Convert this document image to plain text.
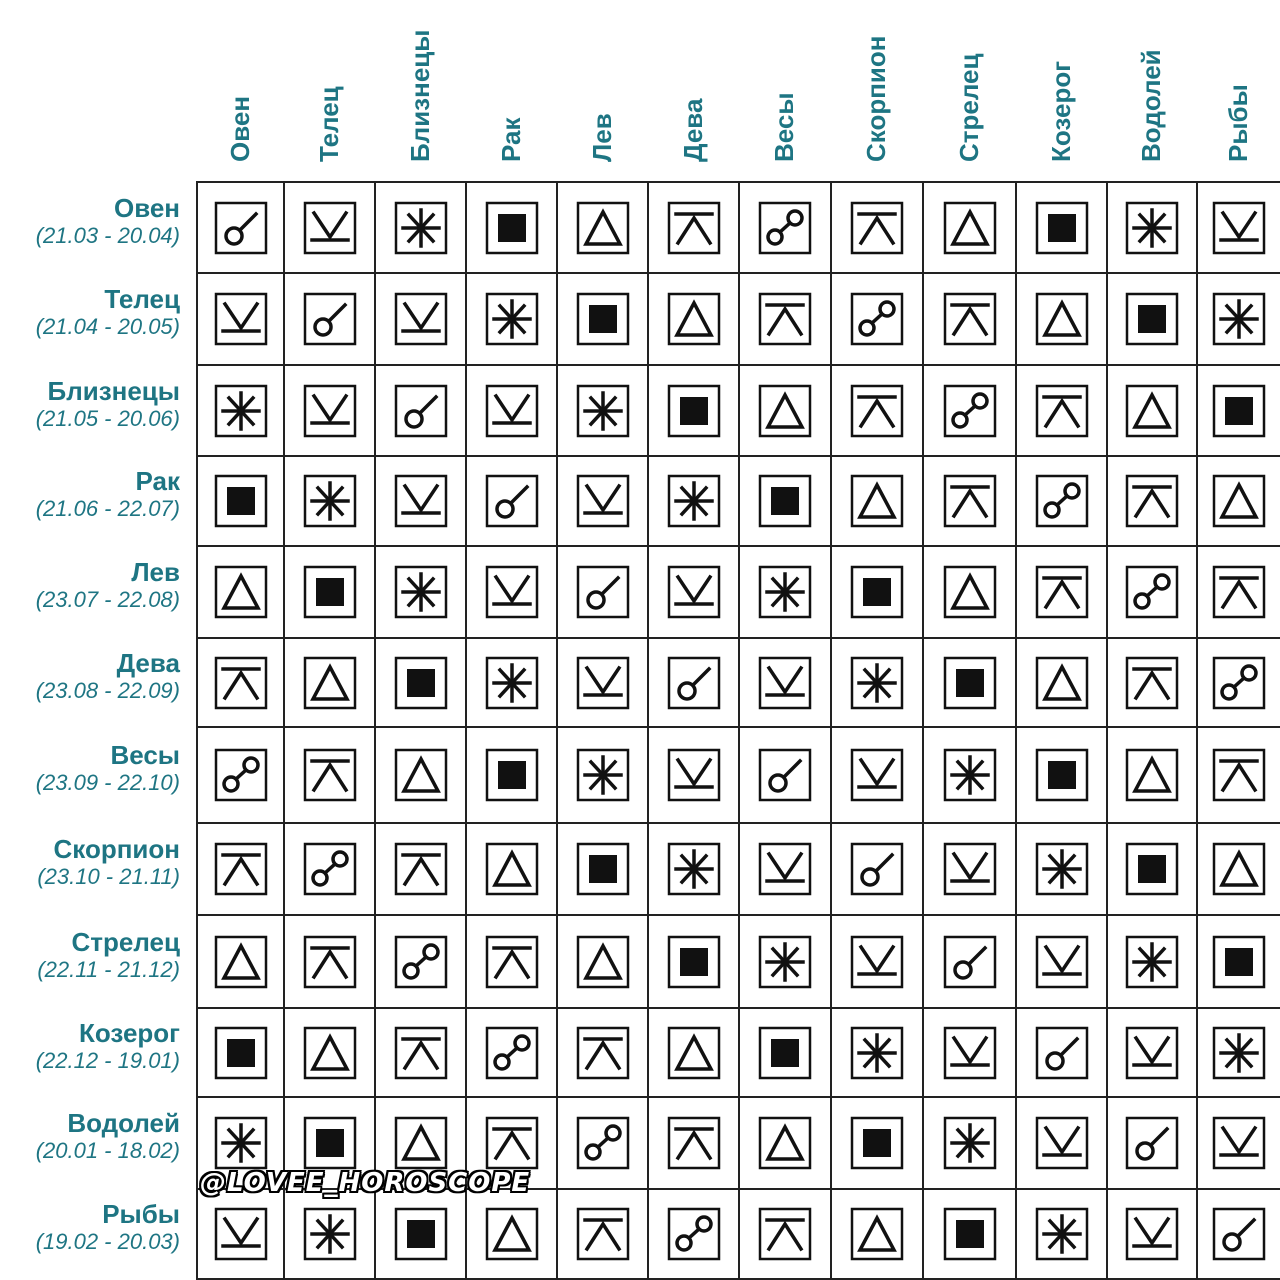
Овен Телец Близнецы Рак Лев Дева Весы Скорпион Стрелец Козерог Водолей Рыбы
Овен
(21.03 - 20.04)
Телец
(21.04 - 20.05)
Близнецы
(21.05 - 20.06)
Рак
(21.06 - 22.07)
Лев
(23.07 - 22.08)
Дева
(23.08 - 22.09)
Весы
(23.09 - 22.10)
Скорпион
(23.10 - 21.11)
Стрелец
(22.11 - 21.12)
Козерог
(22.12 - 19.01)
Водолей
(20.01 - 18.02)
Рыбы
(19.02 - 20.03)
@LOVEE_HOROSCOPE
